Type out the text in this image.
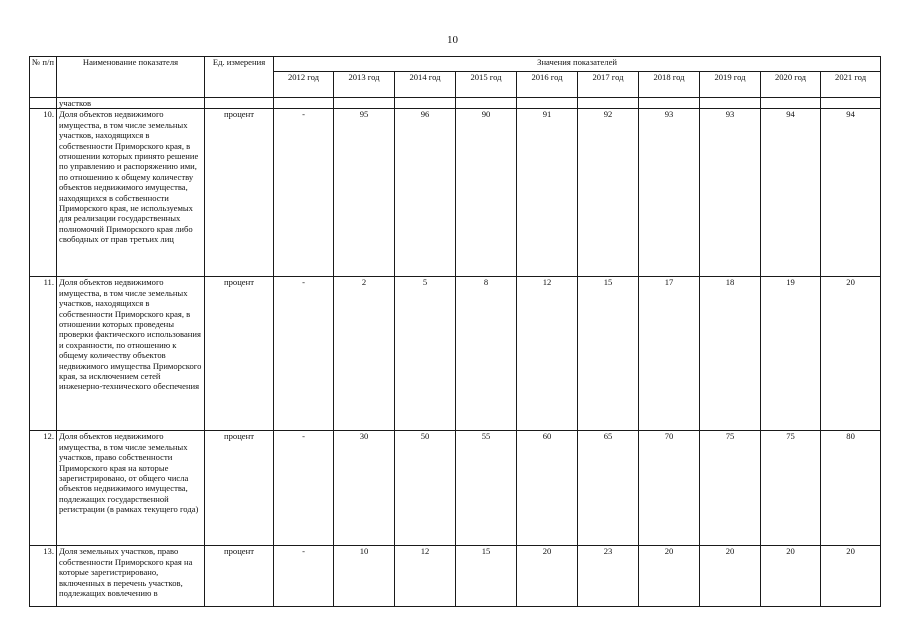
10
№ п/п	Наименование показателя	Ед. измерения	Значения показателей									
			2012 год	2013 год	2014 год	2015 год	2016 год	2017 год	2018 год	2019 год	2020 год	2021 год
	участков											
10.	Доля объектов недвижимого имущества, в том числе земельных участков, находящихся в собственности Приморского края, в отношении которых принято решение по управлению и распоряжению ими, по отношению к общему количеству объектов недвижимого имущества, находящихся в собственности Приморского края, не используемых для реализации государственных полномочий Приморского края либо свободных от прав третьих лиц	процент	-	95	96	90	91	92	93	93	94	94
11.	Доля объектов недвижимого имущества, в том числе земельных участков, находящихся в собственности Приморского края, в отношении которых проведены проверки фактического использования и сохранности, по отношению к общему количеству объектов недвижимого имущества Приморского края, за исключением сетей инженерно-технического обеспечения	процент	-	2	5	8	12	15	17	18	19	20
12.	Доля объектов недвижимого имущества, в том числе земельных участков, право собственности Приморского края на которые зарегистрировано, от общего числа объектов недвижимого имущества, подлежащих государственной регистрации (в рамках текущего года)	процент	-	30	50	55	60	65	70	75	75	80
13.	Доля земельных участков, право собственности Приморского края на которые зарегистрировано, включенных в перечень участков, подлежащих вовлечению в	процент	-	10	12	15	20	23	20	20	20	20
